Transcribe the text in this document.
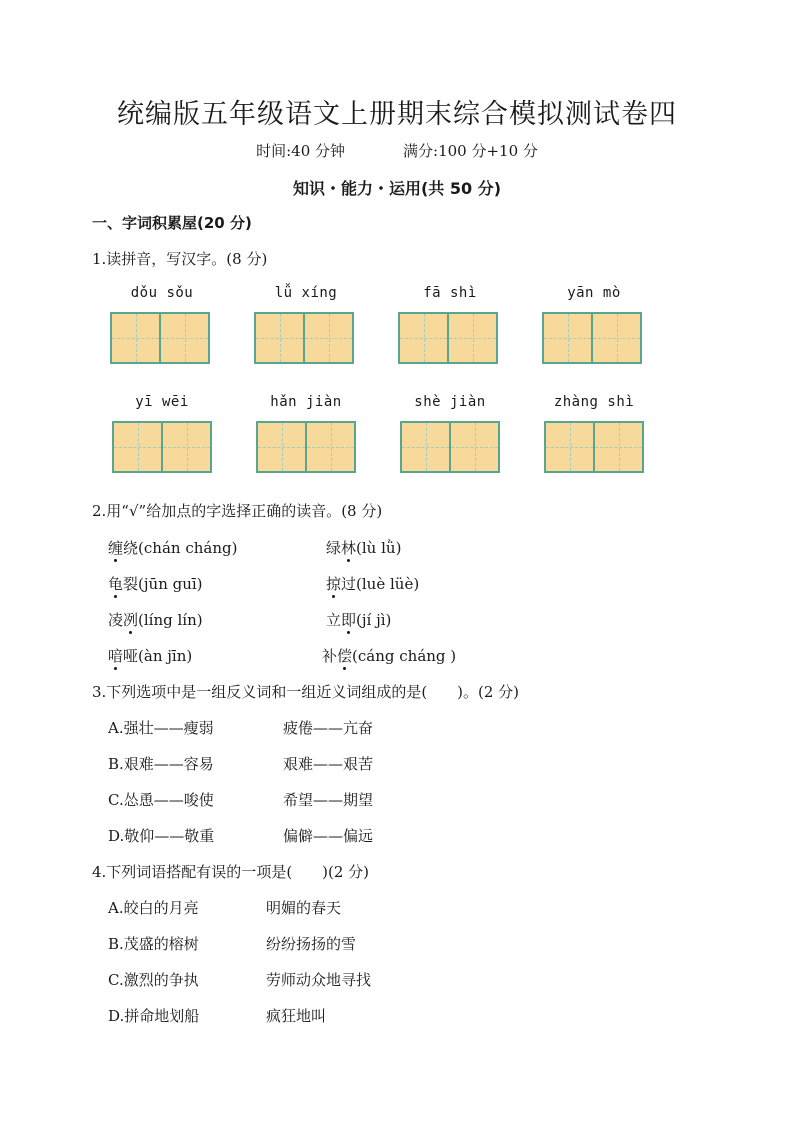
统编版五年级语文上册期末综合模拟测试卷四
时间:40 分钟	满分:100 分+10 分
知识・能力・运用(共 50 分)
一、字词积累屋(20 分)
1.读拼音，写汉字。(8 分)
dǒu sǒu	lǚ xíng	fā shì	yān mò
yī wēi	hǎn jiàn	shè jiàn	zhàng shì
2.用“√”给加点的字选择正确的读音。(8 分)
缠绕(chán cháng)	绿林(lù lǜ)
龟裂(jūn guī)	掠过(luè lüè)
凌冽(líng lín)	立即(jí jì)
喑哑(àn jīn)	补偿(cáng cháng )
3.下列选项中是一组反义词和一组近义词组成的是(　　)。(2 分)
A.强壮——瘦弱	疲倦——亢奋
B.艰难——容易	艰难——艰苦
C.怂恿——唆使	希望——期望
D.敬仰——敬重	偏僻——偏远
4.下列词语搭配有误的一项是(　　)(2 分)
A.皎白的月亮	明媚的春天
B.茂盛的榕树	纷纷扬扬的雪
C.激烈的争执	劳师动众地寻找
D.拼命地划船	疯狂地叫
